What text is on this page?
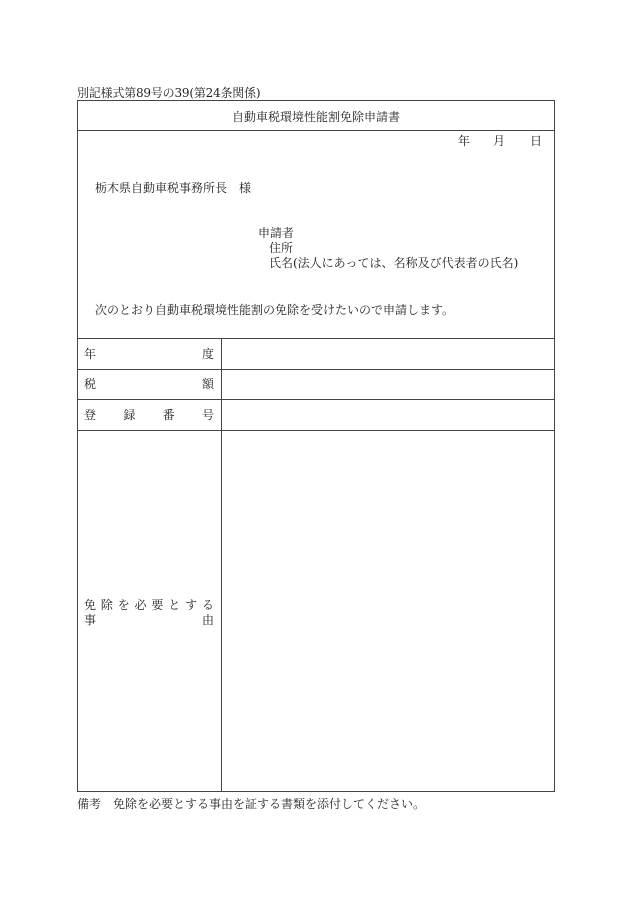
別記様式第89号の39(第24条関係)
自動車税環境性能割免除申請書
年 月 日
栃木県自動車税事務所長　様
申請者
住所
氏名(法人にあっては、名称及び代表者の氏名)
次のとおり自動車税環境性能割の免除を受けたいので申請します。
年	度
税	額
登 録 番 号
免 除 を 必 要 と す る
事	由
備考　免除を必要とする事由を証する書類を添付してください。
